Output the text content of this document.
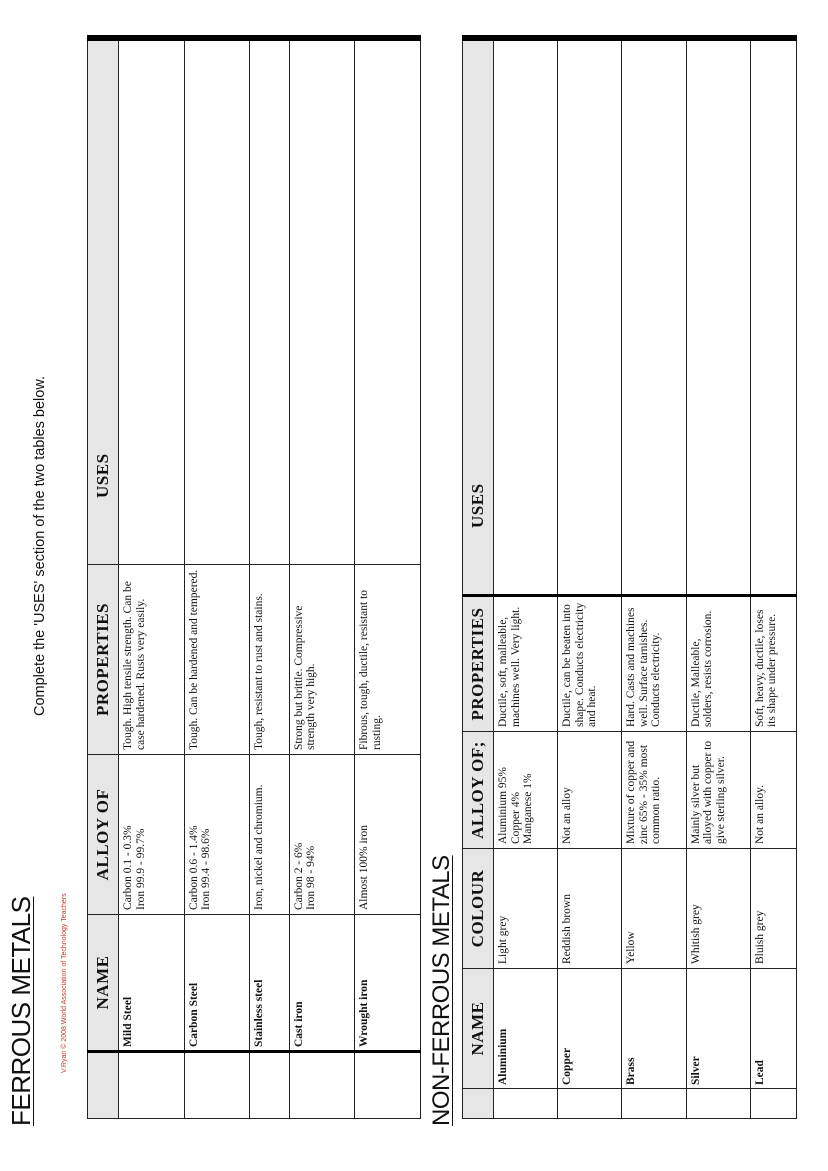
FERROUS METALS	V.Ryan © 2008 World Association of Technology Teachers
Complete the 'USES' section of the two tables below.
	NAME	ALLOY OF	PROPERTIES	USES
	Mild Steel	Carbon 0.1 - 0.3%
Iron 99.9 - 99.7%	Tough. High tensile strength. Can be case hardened. Rusts very easily.	
	Carbon Steel	Carbon 0.6 - 1.4%
Iron 99.4 - 98.6%	Tough. Can be hardened and tempered.	
	Stainless steel	Iron, nickel and chromium.	Tough, resistant to rust and stains.	
	Cast iron	Carbon 2 - 6%
Iron 98 - 94%	Strong but brittle. Compressive strength very high.	
	Wrought iron	Almost 100% iron	Fibrous, tough, ductile, resistant to rusting.	
NON-FERROUS METALS
	NAME	COLOUR	ALLOY OF;	PROPERTIES	USES
	Aluminium	Light grey	Aluminium 95%
Copper 4%
Manganese 1%	Ductile, soft, malleable, machines well. Very light.	
	Copper	Reddish brown	Not an alloy	Ductile, can be beaten into shape. Conducts electricity and heat.	
	Brass	Yellow	Mixture of copper and zinc 65% - 35% most common ratio.	Hard. Casts and machines well. Surface tarnishes. Conducts electricity.	
	Silver	Whitish grey	Mainly silver but alloyed with copper to give sterling silver.	Ductile, Malleable, solders, resists corrosion.	
	Lead	Bluish grey	Not an alloy.	Soft, heavy, ductile, loses its shape under pressure.	
